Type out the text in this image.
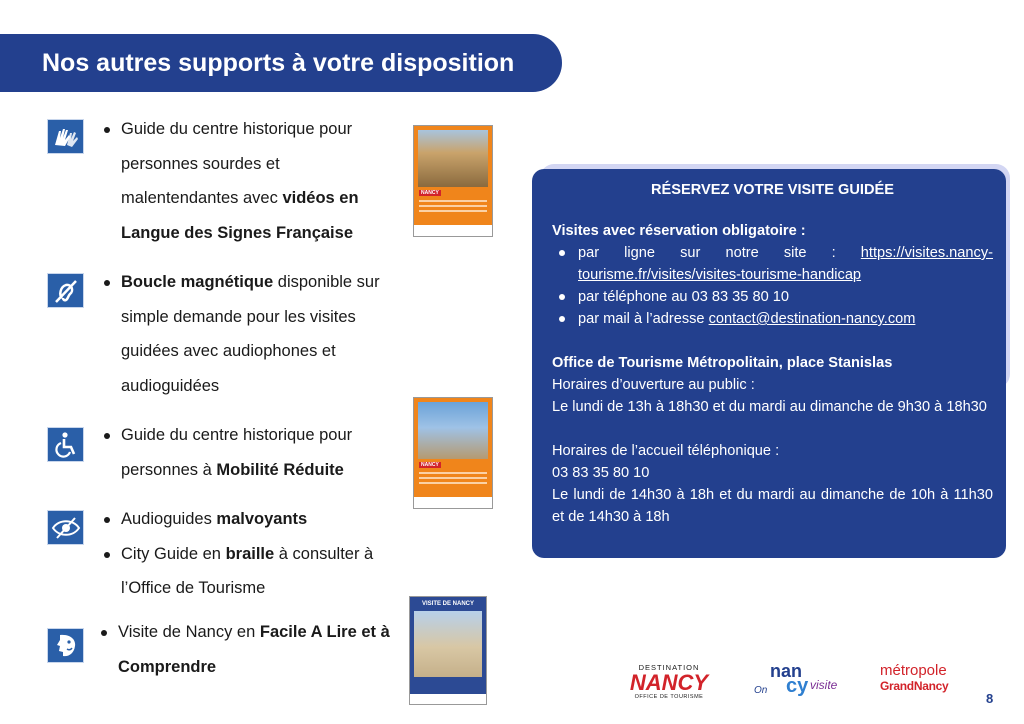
Nos autres supports à votre disposition
Guide du centre historique pour personnes sourdes et malentendantes avec vidéos en Langue des Signes Française
Boucle magnétique disponible sur simple demande pour les visites guidées avec audiophones et audioguidées
Guide du centre historique pour personnes à Mobilité Réduite
Audioguides malvoyants
City Guide en braille à consulter à l’Office de Tourisme
Visite de Nancy en Facile A Lire et à Comprendre
NANCY
NANCY
VISITE DE NANCY
RÉSERVEZ VOTRE VISITE GUIDÉE
Visites avec réservation obligatoire :
par ligne sur notre site : https://visites.nancy-tourisme.fr/visites/visites-tourisme-handicap
par téléphone au 03 83 35 80 10
par mail à l’adresse contact@destination-nancy.com
Office de Tourisme Métropolitain, place Stanislas
Horaires d’ouverture au public :
Le lundi de 13h à 18h30 et du mardi au dimanche de 9h30 à 18h30
Horaires de l’accueil téléphonique :
03 83 35 80 10
Le lundi de 14h30 à 18h et du mardi au dimanche de 10h à 11h30 et de 14h30 à 18h
DESTINATION
NANCY
OFFICE DE TOURISME
nan
cy
On	visite
métropole
GrandNancy
8
